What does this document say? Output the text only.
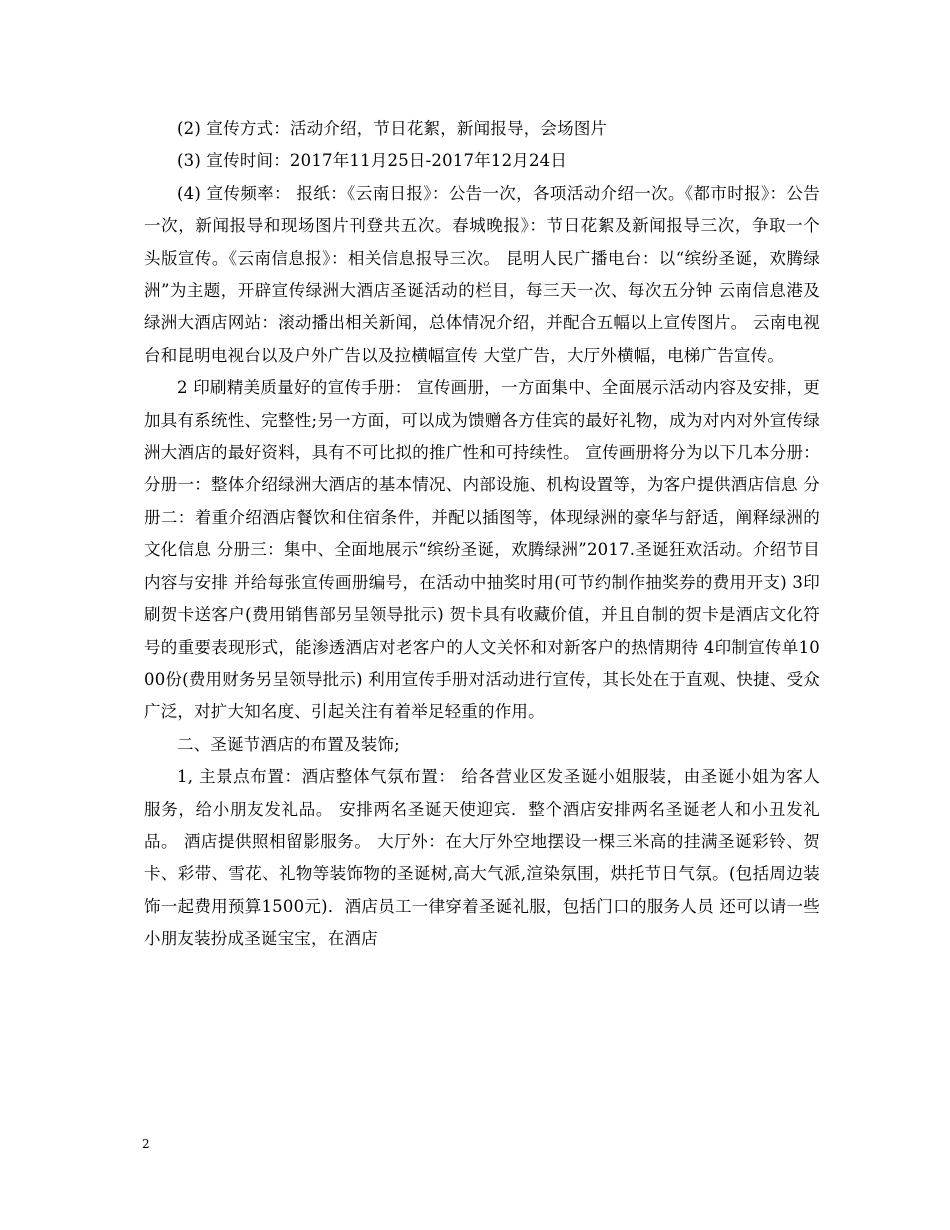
(2) 宣传方式：活动介绍，节日花絮，新闻报导，会场图片

(3) 宣传时间：2017年11月25日-2017年12月24日

(4) 宣传频率： 报纸：《云南日报》：公告一次，各项活动介绍一次。《都市时报》：公告一次，新闻报导和现场图片刊登共五次。春城晚报》：节日花絮及新闻报导三次，争取一个头版宣传。《云南信息报》：相关信息报导三次。 昆明人民广播电台：以“缤纷圣诞，欢腾绿洲”为主题，开辟宣传绿洲大酒店圣诞活动的栏目，每三天一次、每次五分钟 云南信息港及绿洲大酒店网站：滚动播出相关新闻，总体情况介绍，并配合五幅以上宣传图片。 云南电视台和昆明电视台以及户外广告以及拉横幅宣传 大堂广告，大厅外横幅，电梯广告宣传。

2 印刷精美质量好的宣传手册： 宣传画册，一方面集中、全面展示活动内容及安排，更加具有系统性、完整性;另一方面，可以成为馈赠各方佳宾的最好礼物，成为对内对外宣传绿洲大酒店的最好资料，具有不可比拟的推广性和可持续性。 宣传画册将分为以下几本分册： 分册一：整体介绍绿洲大酒店的基本情况、内部设施、机构设置等，为客户提供酒店信息 分册二：着重介绍酒店餐饮和住宿条件，并配以插图等，体现绿洲的豪华与舒适，阐释绿洲的文化信息 分册三：集中、全面地展示“缤纷圣诞，欢腾绿洲”2017.圣诞狂欢活动。介绍节目内容与安排 并给每张宣传画册编号，在活动中抽奖时用(可节约制作抽奖券的费用开支) 3印刷贺卡送客户(费用销售部另呈领导批示) 贺卡具有收藏价值，并且自制的贺卡是酒店文化符号的重要表现形式，能渗透酒店对老客户的人文关怀和对新客户的热情期待 4印制宣传单1000份(费用财务另呈领导批示) 利用宣传手册对活动进行宣传，其长处在于直观、快捷、受众广泛，对扩大知名度、引起关注有着举足轻重的作用。

二、圣诞节酒店的布置及装饰;

1, 主景点布置：酒店整体气氛布置： 给各营业区发圣诞小姐服装，由圣诞小姐为客人服务，给小朋友发礼品。 安排两名圣诞天使迎宾．整个酒店安排两名圣诞老人和小丑发礼品。 酒店提供照相留影服务。 大厅外：在大厅外空地摆设一棵三米高的挂满圣诞彩铃、贺卡、彩带、雪花、礼物等装饰物的圣诞树,高大气派,渲染氛围，烘托节日气氛。(包括周边装饰一起费用预算1500元)．酒店员工一律穿着圣诞礼服，包括门口的服务人员 还可以请一些小朋友装扮成圣诞宝宝，在酒店

2
